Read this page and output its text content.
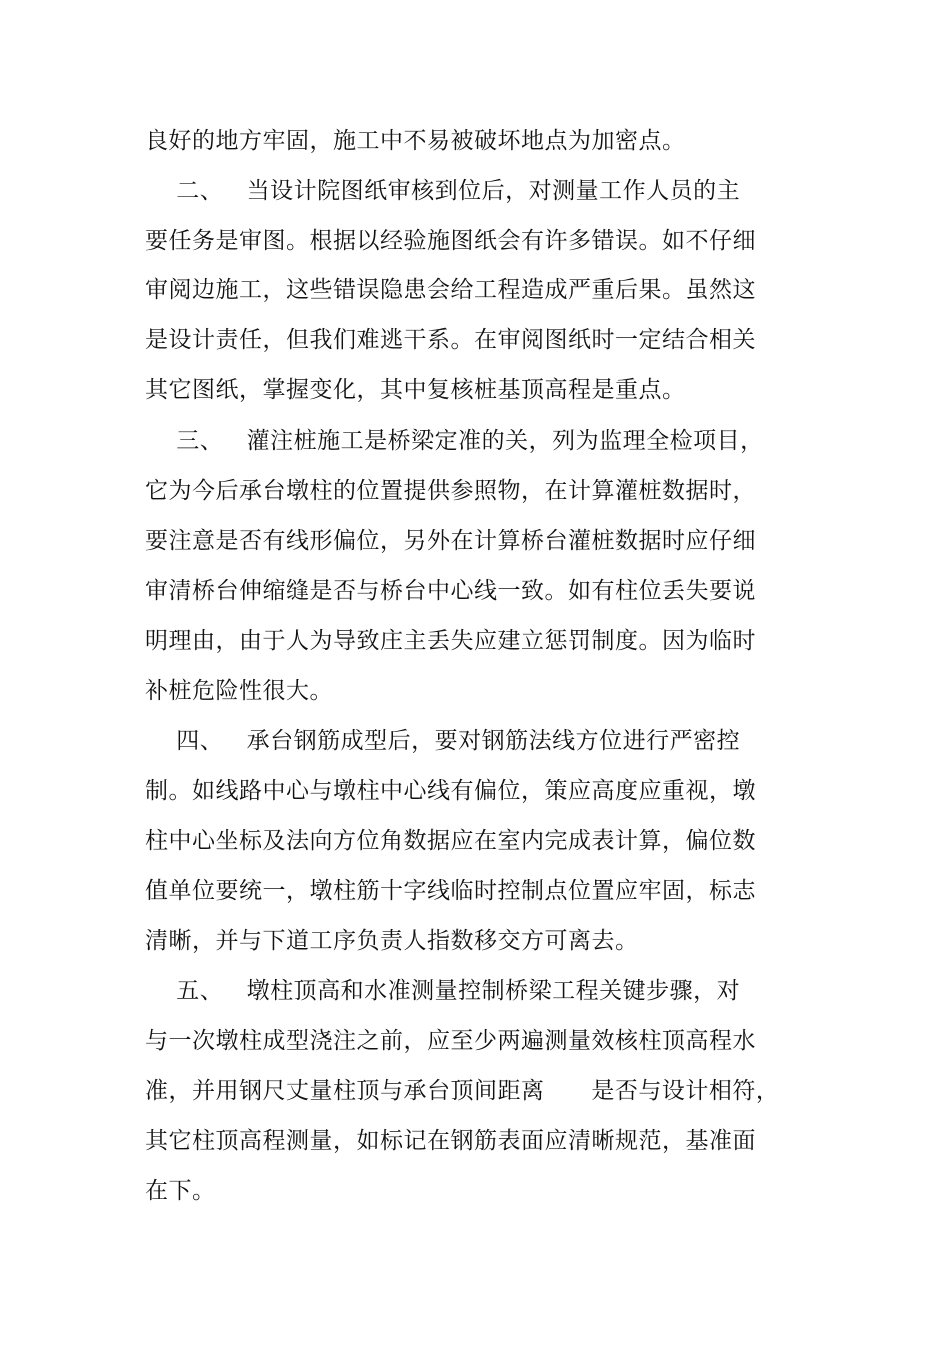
良好的地方牢固，施工中不易被破坏地点为加密点。
二、   当设计院图纸审核到位后，对测量工作人员的主
要任务是审图。根据以经验施图纸会有许多错误。如不仔细
审阅边施工，这些错误隐患会给工程造成严重后果。虽然这
是设计责任，但我们难逃干系。在审阅图纸时一定结合相关
其它图纸，掌握变化，其中复核桩基顶高程是重点。
三、   灌注桩施工是桥梁定准的关，列为监理全检项目，
它为今后承台墩柱的位置提供参照物，在计算灌桩数据时，
要注意是否有线形偏位，另外在计算桥台灌桩数据时应仔细
审清桥台伸缩缝是否与桥台中心线一致。如有柱位丢失要说
明理由，由于人为导致庄主丢失应建立惩罚制度。因为临时
补桩危险性很大。
四、   承台钢筋成型后，要对钢筋法线方位进行严密控
制。如线路中心与墩柱中心线有偏位，策应高度应重视，墩
柱中心坐标及法向方位角数据应在室内完成表计算，偏位数
值单位要统一，墩柱筋十字线临时控制点位置应牢固，标志
清晰，并与下道工序负责人指数移交方可离去。
五、   墩柱顶高和水准测量控制桥梁工程关键步骤，对
与一次墩柱成型浇注之前，应至少两遍测量效核柱顶高程水
准，并用钢尺丈量柱顶与承台顶间距离      是否与设计相符，
其它柱顶高程测量，如标记在钢筋表面应清晰规范，基准面
在下。
